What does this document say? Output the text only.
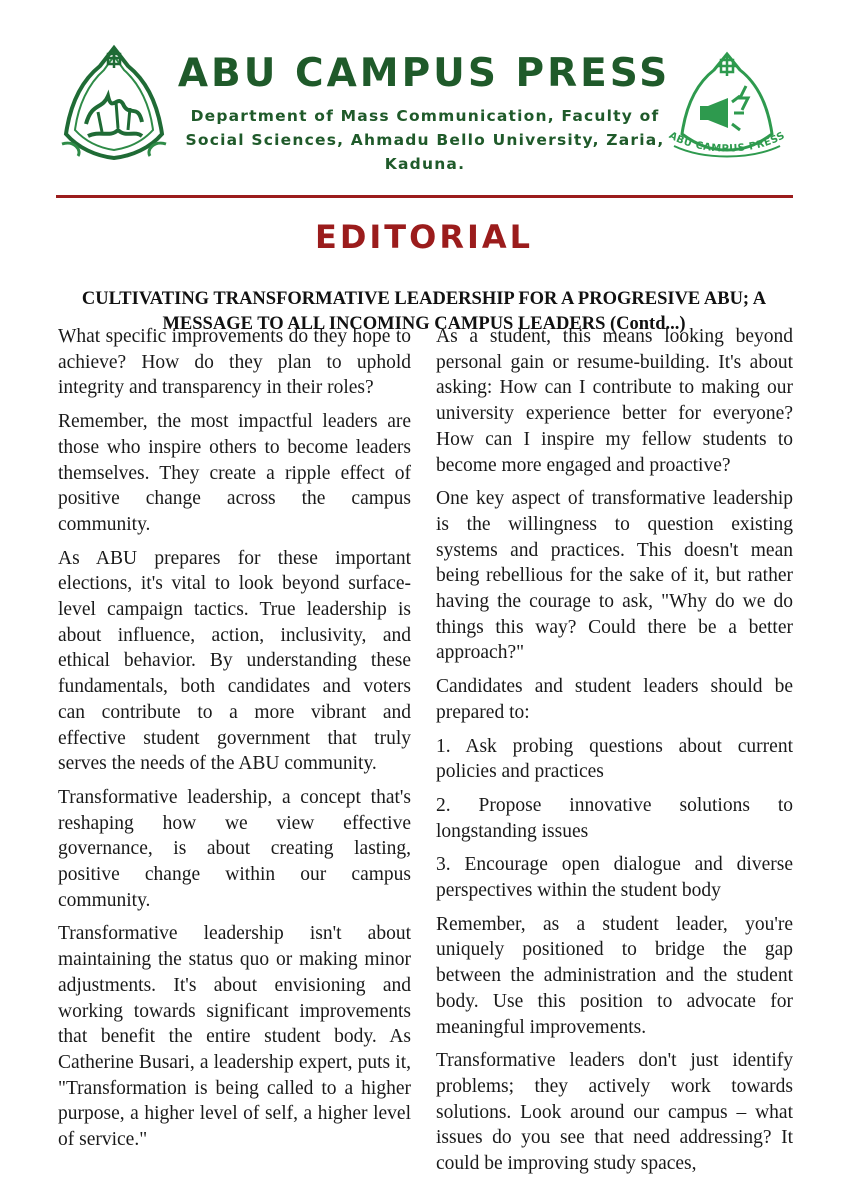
ABU CAMPUS PRESS
Department of Mass Communication, Faculty of Social Sciences, Ahmadu Bello University, Zaria, Kaduna.
ABU CAMPUS PRESS
EDITORIAL
CULTIVATING TRANSFORMATIVE LEADERSHIP FOR A PROGRESIVE ABU; A MESSAGE TO ALL INCOMING CAMPUS LEADERS (Contd...)

What specific improvements do they hope to achieve? How do they plan to uphold integrity and transparency in their roles?

Remember, the most impactful leaders are those who inspire others to become leaders themselves. They create a ripple effect of positive change across the campus community.

As ABU prepares for these important elections, it's vital to look beyond surface-level campaign tactics. True leadership is about influence, action, inclusivity, and ethical behavior. By understanding these fundamentals, both candidates and voters can contribute to a more vibrant and effective student government that truly serves the needs of the ABU community.

Transformative leadership, a concept that's reshaping how we view effective governance, is about creating lasting, positive change within our campus community.

Transformative leadership isn't about maintaining the status quo or making minor adjustments. It's about envisioning and working towards significant improvements that benefit the entire student body. As Catherine Busari, a leadership expert, puts it, "Transformation is being called to a higher purpose, a higher level of self, a higher level of service."

As a student, this means looking beyond personal gain or resume-building. It's about asking: How can I contribute to making our university experience better for everyone? How can I inspire my fellow students to become more engaged and proactive?

One key aspect of transformative leadership is the willingness to question existing systems and practices. This doesn't mean being rebellious for the sake of it, but rather having the courage to ask, "Why do we do things this way? Could there be a better approach?"

Candidates and student leaders should be prepared to:

1. Ask probing questions about current policies and practices

2. Propose innovative solutions to longstanding issues

3. Encourage open dialogue and diverse perspectives within the student body

Remember, as a student leader, you're uniquely positioned to bridge the gap between the administration and the student body. Use this position to advocate for meaningful improvements.

Transformative leaders don't just identify problems; they actively work towards solutions. Look around our campus – what issues do you see that need addressing? It could be improving study spaces,
